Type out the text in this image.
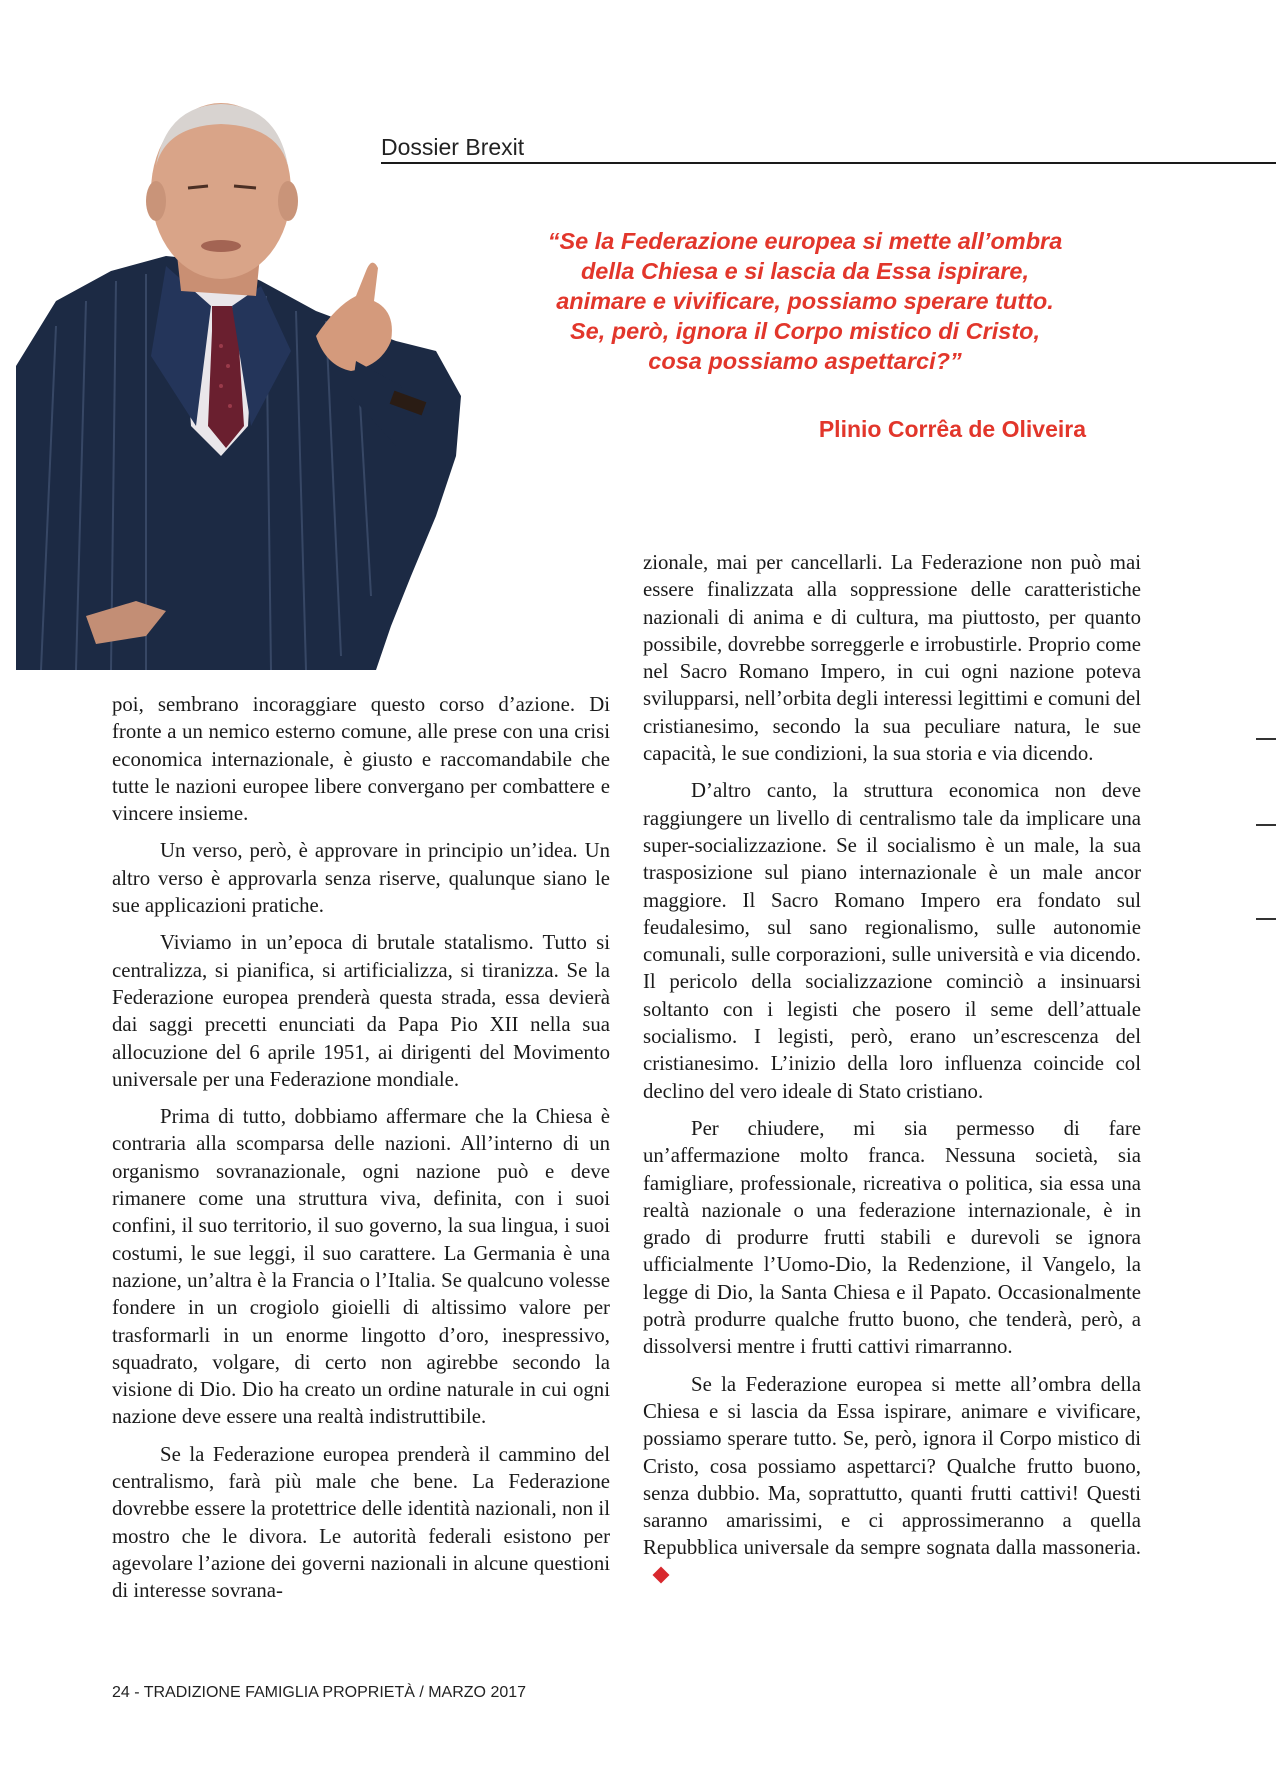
Dossier Brexit
“Se la Federazione europea si mette all’ombra
della Chiesa e si lascia da Essa ispirare,
animare e vivificare, possiamo sperare tutto.
Se, però, ignora il Corpo mistico di Cristo,
cosa possiamo aspettarci?”
Plinio Corrêa de Oliveira

poi, sembrano incoraggiare questo corso d’azione. Di fronte a un nemico esterno comune, alle prese con una crisi economica internazionale, è giusto e raccomandabile che tutte le nazioni europee libere convergano per combattere e vincere insieme.

Un verso, però, è approvare in principio un’idea. Un altro verso è approvarla senza riserve, qualunque siano le sue applicazioni pratiche.

Viviamo in un’epoca di brutale statalismo. Tutto si centralizza, si pianifica, si artificializza, si tiranizza. Se la Federazione europea prenderà questa strada, essa devierà dai saggi precetti enunciati da Papa Pio XII nella sua allocuzione del 6 aprile 1951, ai dirigenti del Movimento universale per una Federazione mondiale.

Prima di tutto, dobbiamo affermare che la Chiesa è contraria alla scomparsa delle nazioni. All’interno di un organismo sovranazionale, ogni nazione può e deve rimanere come una struttura viva, definita, con i suoi confini, il suo territorio, il suo governo, la sua lingua, i suoi costumi, le sue leggi, il suo carattere. La Germania è una nazione, un’altra è la Francia o l’Italia. Se qualcuno volesse fondere in un crogiolo gioielli di altissimo valore per trasformarli in un enorme lingotto d’oro, inespressivo, squadrato, volgare, di certo non agirebbe secondo la visione di Dio. Dio ha creato un ordine naturale in cui ogni nazione deve essere una realtà indistruttibile.

Se la Federazione europea prenderà il cammino del centralismo, farà più male che bene. La Federazione dovrebbe essere la protettrice delle identità nazionali, non il mostro che le divora. Le autorità federali esistono per agevolare l’azione dei governi nazionali in alcune questioni di interesse sovrana-

zionale, mai per cancellarli. La Federazione non può mai essere finalizzata alla soppressione delle caratteristiche nazionali di anima e di cultura, ma piuttosto, per quanto possibile, dovrebbe sorreggerle e irrobustirle. Proprio come nel Sacro Romano Impero, in cui ogni nazione poteva svilupparsi, nell’orbita degli interessi legittimi e comuni del cristianesimo, secondo la sua peculiare natura, le sue capacità, le sue condizioni, la sua storia e via dicendo.

D’altro canto, la struttura economica non deve raggiungere un livello di centralismo tale da implicare una super-socializzazione. Se il socialismo è un male, la sua trasposizione sul piano internazionale è un male ancor maggiore. Il Sacro Romano Impero era fondato sul feudalesimo, sul sano regionalismo, sulle autonomie comunali, sulle corporazioni, sulle università e via dicendo. Il pericolo della socializzazione cominciò a insinuarsi soltanto con i legisti che posero il seme dell’attuale socialismo. I legisti, però, erano un’escrescenza del cristianesimo. L’inizio della loro influenza coincide col declino del vero ideale di Stato cristiano.

Per chiudere, mi sia permesso di fare un’affermazione molto franca. Nessuna società, sia famigliare, professionale, ricreativa o politica, sia essa una realtà nazionale o una federazione internazionale, è in grado di produrre frutti stabili e durevoli se ignora ufficialmente l’Uomo-Dio, la Redenzione, il Vangelo, la legge di Dio, la Santa Chiesa e il Papato. Occasionalmente potrà produrre qualche frutto buono, che tenderà, però, a dissolversi mentre i frutti cattivi rimarranno.

Se la Federazione europea si mette all’ombra della Chiesa e si lascia da Essa ispirare, animare e vivificare, possiamo sperare tutto. Se, però, ignora il Corpo mistico di Cristo, cosa possiamo aspettarci? Qualche frutto buono, senza dubbio. Ma, soprattutto, quanti frutti cattivi! Questi saranno amarissimi, e ci approssimeranno a quella Repubblica universale da sempre sognata dalla massoneria.

24 - TRADIZIONE FAMIGLIA PROPRIETÀ / MARZO 2017
